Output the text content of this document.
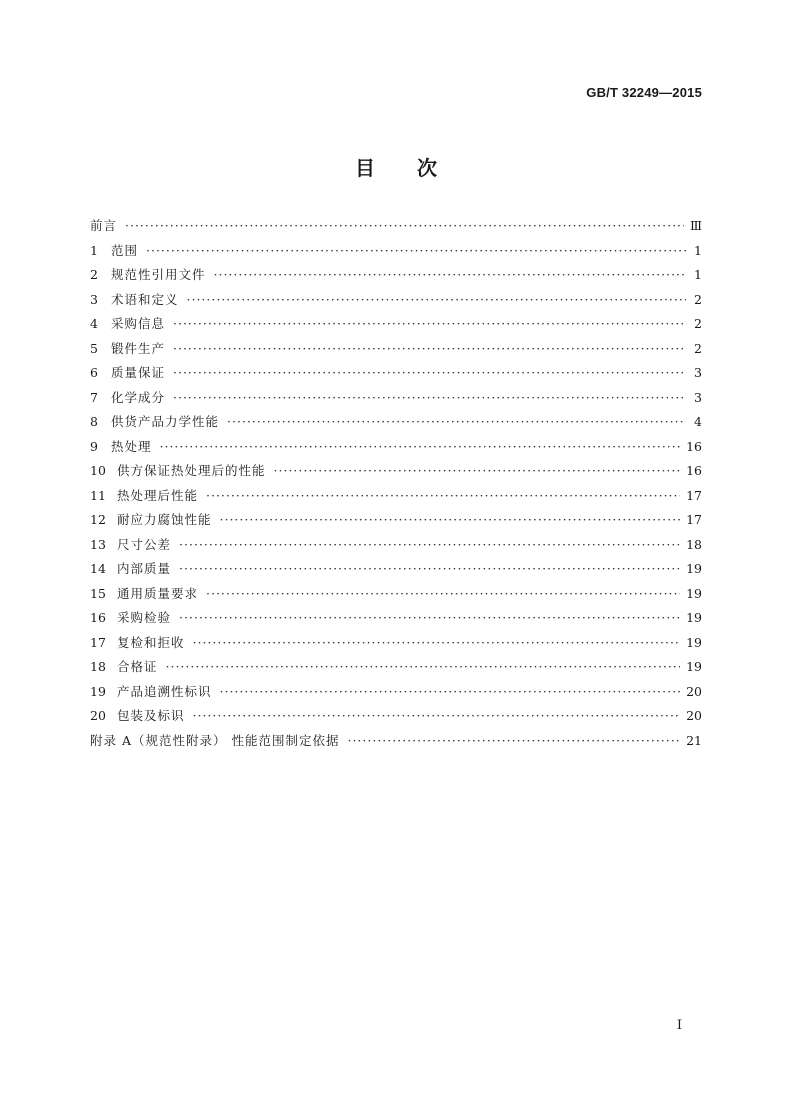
GB/T 32249—2015
目次
前言 ·····	Ⅲ
1	范围 ·····	1
2	规范性引用文件 ·····	1
3	术语和定义 ·····	2
4	采购信息 ·····	2
5	锻件生产 ·····	2
6	质量保证 ·····	3
7	化学成分 ·····	3
8	供货产品力学性能 ·····	4
9	热处理 ·····	16
10 供方保证热处理后的性能 ·····	16
11 热处理后性能 ·····	17
12 耐应力腐蚀性能 ·····	17
13 尺寸公差 ·····	18
14 内部质量 ·····	19
15 通用质量要求 ·····	19
16 采购检验 ·····	19
17 复检和拒收 ·····	19
18 合格证 ·····	19
19 产品追溯性标识 ·····	20
20 包装及标识 ·····	20
附录 A（规范性附录） 性能范围制定依据 ·····	21
I
